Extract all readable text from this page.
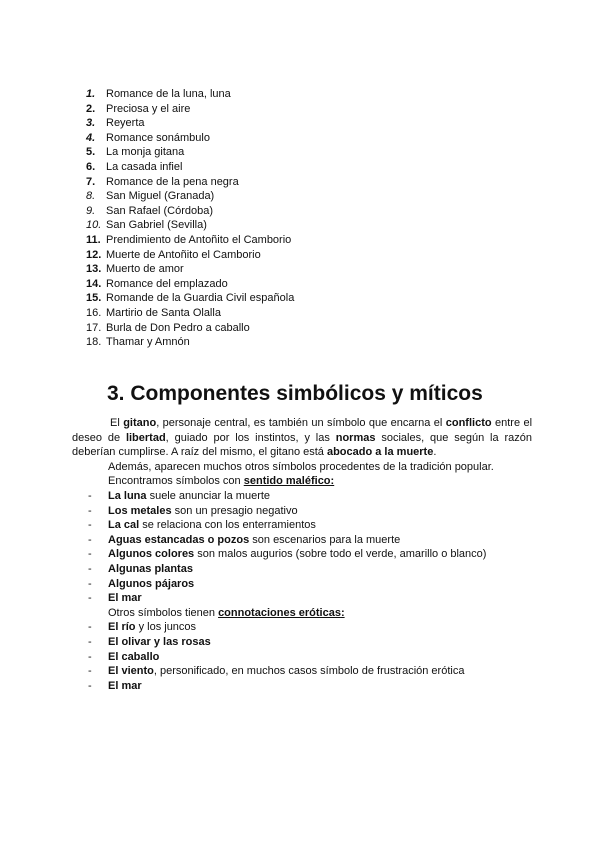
1. Romance de la luna, luna
2. Preciosa y el aire
3. Reyerta
4. Romance sonámbulo
5. La monja gitana
6. La casada infiel
7. Romance de la pena negra
8. San Miguel (Granada)
9. San Rafael (Córdoba)
10. San Gabriel (Sevilla)
11. Prendimiento de Antoñito el Camborio
12. Muerte de Antoñito el Camborio
13. Muerto de amor
14. Romance del emplazado
15. Romande de la Guardia Civil española
16. Martirio de Santa Olalla
17. Burla de Don Pedro a caballo
18. Thamar y Amnón
3. Componentes simbólicos y míticos

El gitano, personaje central, es también un símbolo que encarna el conflicto entre el deseo de libertad, guiado por los instintos, y las normas sociales, que según la razón deberían cumplirse. A raíz del mismo, el gitano está abocado a la muerte.

Además, aparecen muchos otros símbolos procedentes de la tradición popular.

Encontramos símbolos con sentido maléfico:

- La luna suele anunciar la muerte
- Los metales son un presagio negativo
- La cal se relaciona con los enterramientos
- Aguas estancadas o pozos son escenarios para la muerte
- Algunos colores son malos augurios (sobre todo el verde, amarillo o blanco)
- Algunas plantas
- Algunos pájaros
- El mar

Otros símbolos tienen connotaciones eróticas:

- El río y los juncos
- El olivar y las rosas
- El caballo
- El viento, personificado, en muchos casos símbolo de frustración erótica
- El mar
